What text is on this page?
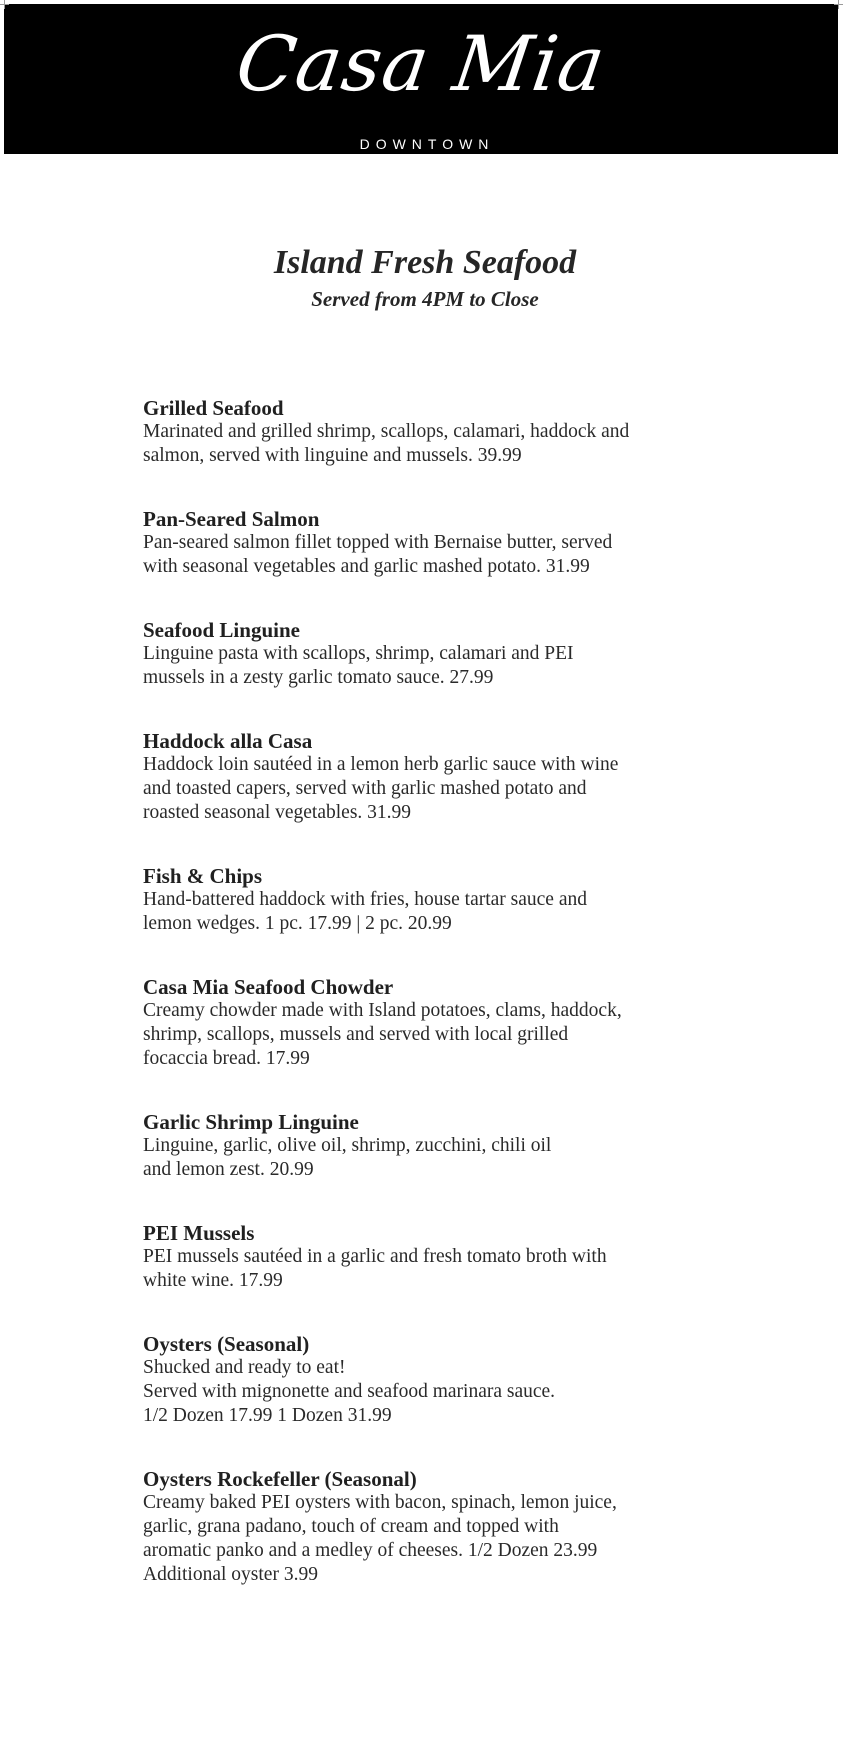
Casa Mia
DOWNTOWN
Island Fresh Seafood
Served from 4PM to Close
Grilled Seafood
Marinated and grilled shrimp, scallops, calamari, haddock and
salmon, served with linguine and mussels. 39.99
Pan-Seared Salmon
Pan-seared salmon fillet topped with Bernaise butter, served
with seasonal vegetables and garlic mashed potato. 31.99
Seafood Linguine
Linguine pasta with scallops, shrimp, calamari and PEI
mussels in a zesty garlic tomato sauce. 27.99
Haddock alla Casa
Haddock loin sautéed in a lemon herb garlic sauce with wine
and toasted capers, served with garlic mashed potato and
roasted seasonal vegetables. 31.99
Fish & Chips
Hand-battered haddock with fries, house tartar sauce and
lemon wedges. 1 pc. 17.99 | 2 pc. 20.99
Casa Mia Seafood Chowder
Creamy chowder made with Island potatoes, clams, haddock,
shrimp, scallops, mussels and served with local grilled
focaccia bread. 17.99
Garlic Shrimp Linguine
Linguine, garlic, olive oil, shrimp, zucchini, chili oil
and lemon zest. 20.99
PEI Mussels
PEI mussels sautéed in a garlic and fresh tomato broth with
white wine. 17.99
Oysters (Seasonal)
Shucked and ready to eat!
Served with mignonette and seafood marinara sauce.
1/2 Dozen 17.99 1 Dozen 31.99
Oysters Rockefeller (Seasonal)
Creamy baked PEI oysters with bacon, spinach, lemon juice,
garlic, grana padano, touch of cream and topped with
aromatic panko and a medley of cheeses. 1/2 Dozen 23.99
Additional oyster 3.99
